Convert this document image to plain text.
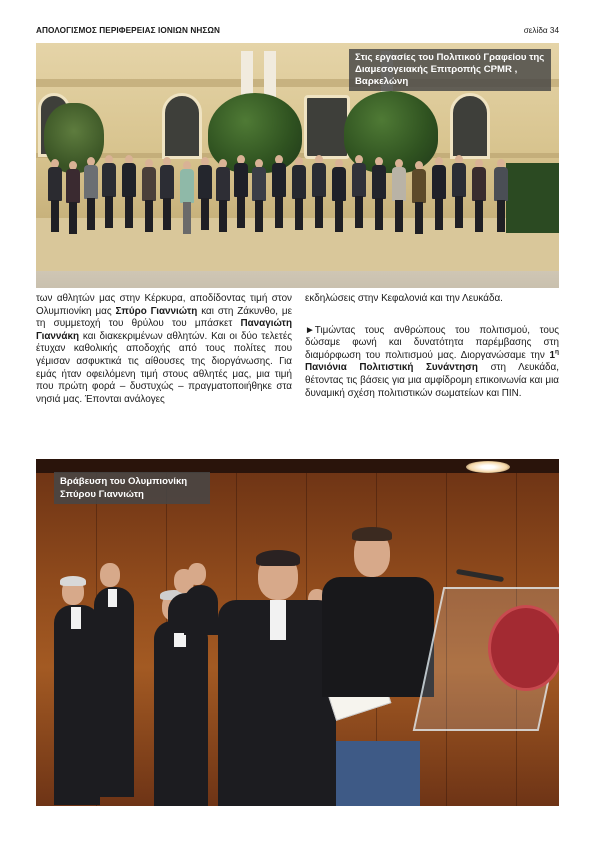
ΑΠΟΛΟΓΙΣΜΟΣ ΠΕΡΙΦΕΡΕΙΑΣ ΙΟΝΙΩΝ ΝΗΣΩΝ	σελίδα 34
Στις εργασίες του Πολιτικού Γραφείου της Διαμεσογειακής Επιτροπής CPMR , Βαρκελώνη

των αθλητών μας στην Κέρκυρα, αποδίδοντας τιμή στον Ολυμπιονίκη μας Σπύρο Γιαννιώτη και στη Ζάκυνθο, με τη συμμετοχή του θρύλου του μπάσκετ Παναγιώτη Γιαννάκη και διακεκριμένων αθλητών. Και οι δύο τελετές έτυχαν καθολικής αποδοχής από τους πολίτες που γέμισαν ασφυκτικά τις αίθουσες της διοργάνωσης. Για εμάς ήταν οφειλόμενη τιμή στους αθλητές μας, μια τιμή που πρώτη φορά – δυστυχώς – πραγματοποιήθηκε στα νησιά μας. Έπονται ανάλογες

εκδηλώσεις στην Κεφαλονιά και την Λευκάδα.

►Τιμώντας τους ανθρώπους του πολιτισμού, τους δώσαμε φωνή και δυνατότητα παρέμβασης στη διαμόρφωση του πολιτισμού μας. Διοργανώσαμε την $1^\eta$ Πανιόνια Πολιτιστική Συνάντηση στη Λευκάδα, θέτοντας τις βάσεις για μια αμφίδρομη επικοινωνία και μια δυναμική σχέση πολιτιστικών σωματείων και ΠΙΝ.

Βράβευση του Ολυμπιονίκη Σπύρου Γιαννιώτη
